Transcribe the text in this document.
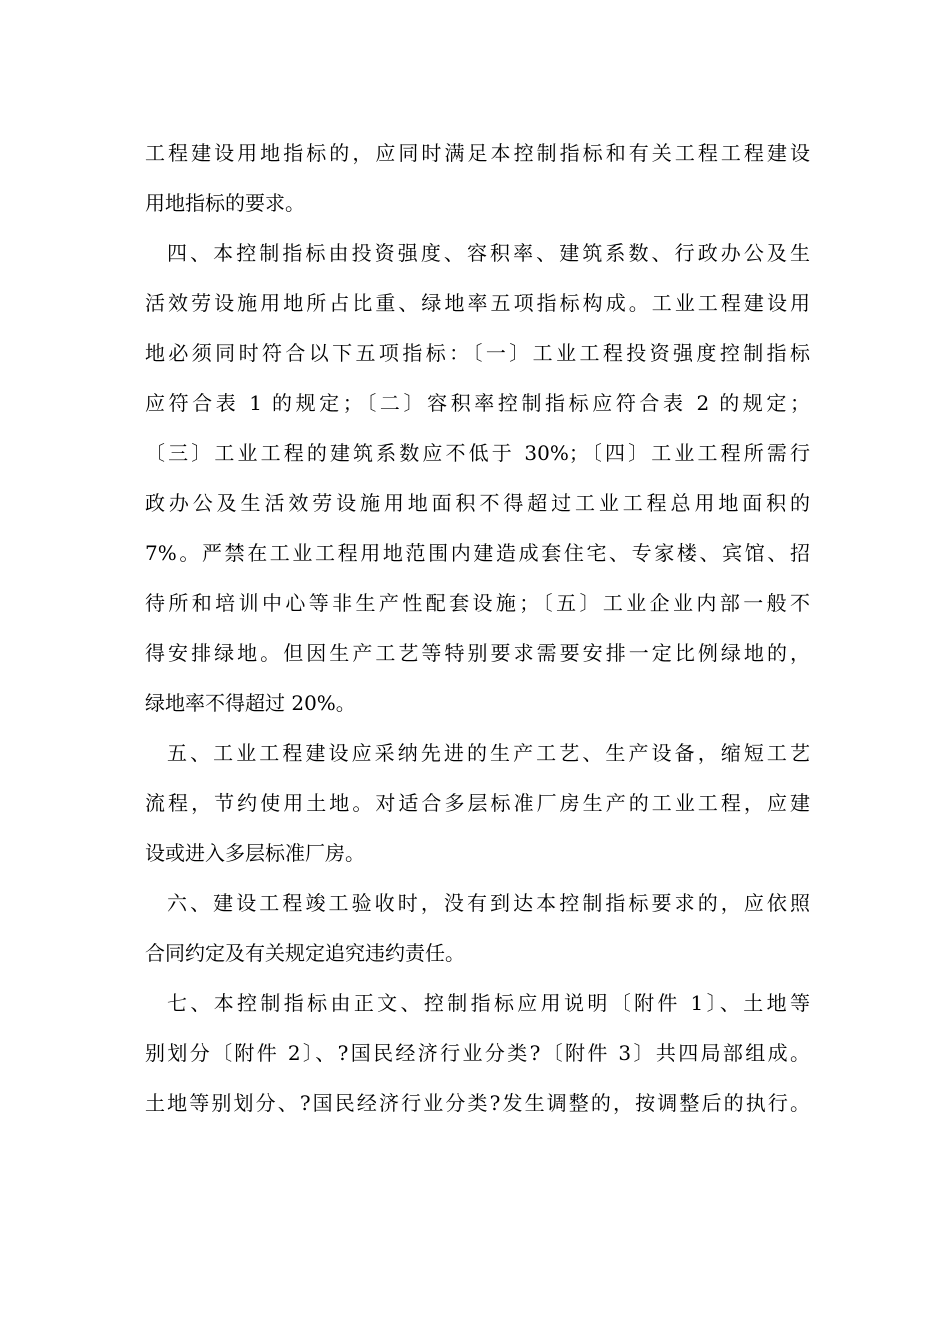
工程建设用地指标的，应同时满足本控制指标和有关工程工程建设
用地指标的要求。
四、本控制指标由投资强度、容积率、建筑系数、行政办公及生
活效劳设施用地所占比重、绿地率五项指标构成。工业工程建设用
地必须同时符合以下五项指标：〔一〕工业工程投资强度控制指标
应符合表 1 的规定；〔二〕容积率控制指标应符合表 2 的规定；
〔三〕工业工程的建筑系数应不低于 30%；〔四〕工业工程所需行
政办公及生活效劳设施用地面积不得超过工业工程总用地面积的
7%。严禁在工业工程用地范围内建造成套住宅、专家楼、宾馆、招
待所和培训中心等非生产性配套设施；〔五〕工业企业内部一般不
得安排绿地。但因生产工艺等特别要求需要安排一定比例绿地的，
绿地率不得超过 20%。
五、工业工程建设应采纳先进的生产工艺、生产设备，缩短工艺
流程，节约使用土地。对适合多层标准厂房生产的工业工程，应建
设或进入多层标准厂房。
六、建设工程竣工验收时，没有到达本控制指标要求的，应依照
合同约定及有关规定追究违约责任。
七、本控制指标由正文、控制指标应用说明〔附件 1〕、土地等
别划分〔附件 2〕、?国民经济行业分类?〔附件 3〕共四局部组成。
土地等别划分、?国民经济行业分类?发生调整的，按调整后的执行。
